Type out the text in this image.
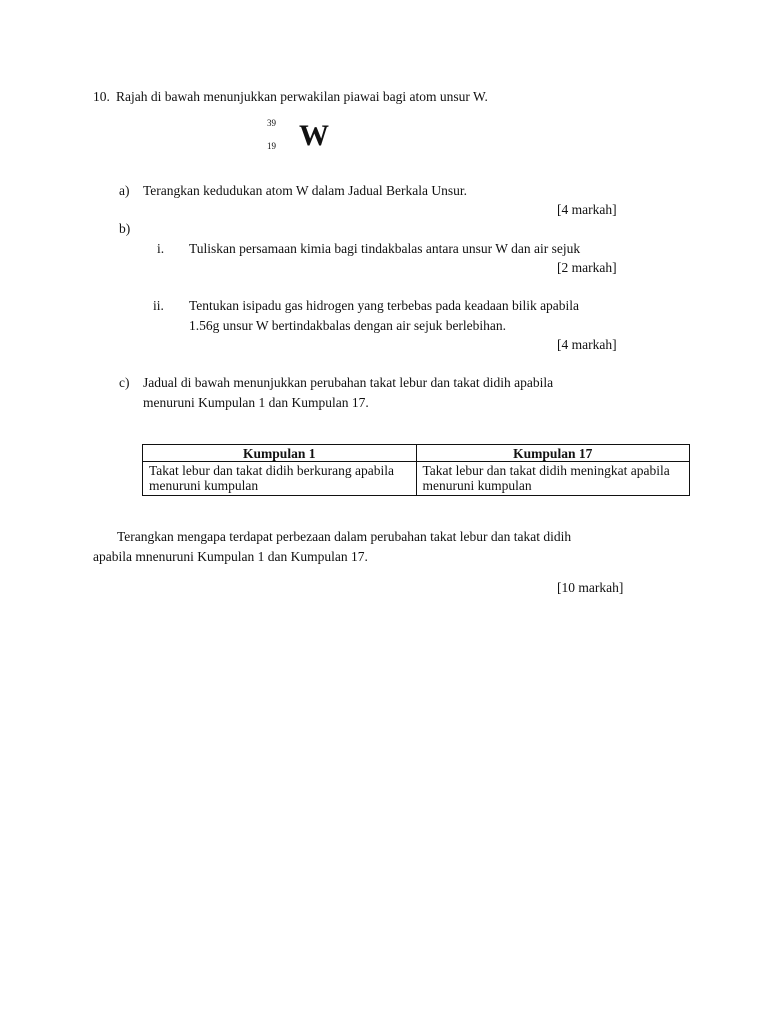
10. Rajah di bawah menunjukkan perwakilan piawai bagi atom unsur W.
39
19 W
a) Terangkan kedudukan atom W dalam Jadual Berkala Unsur.
[4 markah]
b)
i. Tuliskan persamaan kimia bagi tindakbalas antara unsur W dan air sejuk
[2 markah]
ii. Tentukan isipadu gas hidrogen yang terbebas pada keadaan bilik apabila
1.56g unsur W bertindakbalas dengan air sejuk berlebihan.
[4 markah]
c) Jadual di bawah menunjukkan perubahan takat lebur dan takat didih apabila
menuruni Kumpulan 1 dan Kumpulan 17.
Kumpulan 1	Kumpulan 17
Takat lebur dan takat didih berkurang apabila menuruni kumpulan	Takat lebur dan takat didih meningkat apabila menuruni kumpulan
Terangkan mengapa terdapat perbezaan dalam perubahan takat lebur dan takat didih
apabila mnenuruni Kumpulan 1 dan Kumpulan 17.
[10 markah]
